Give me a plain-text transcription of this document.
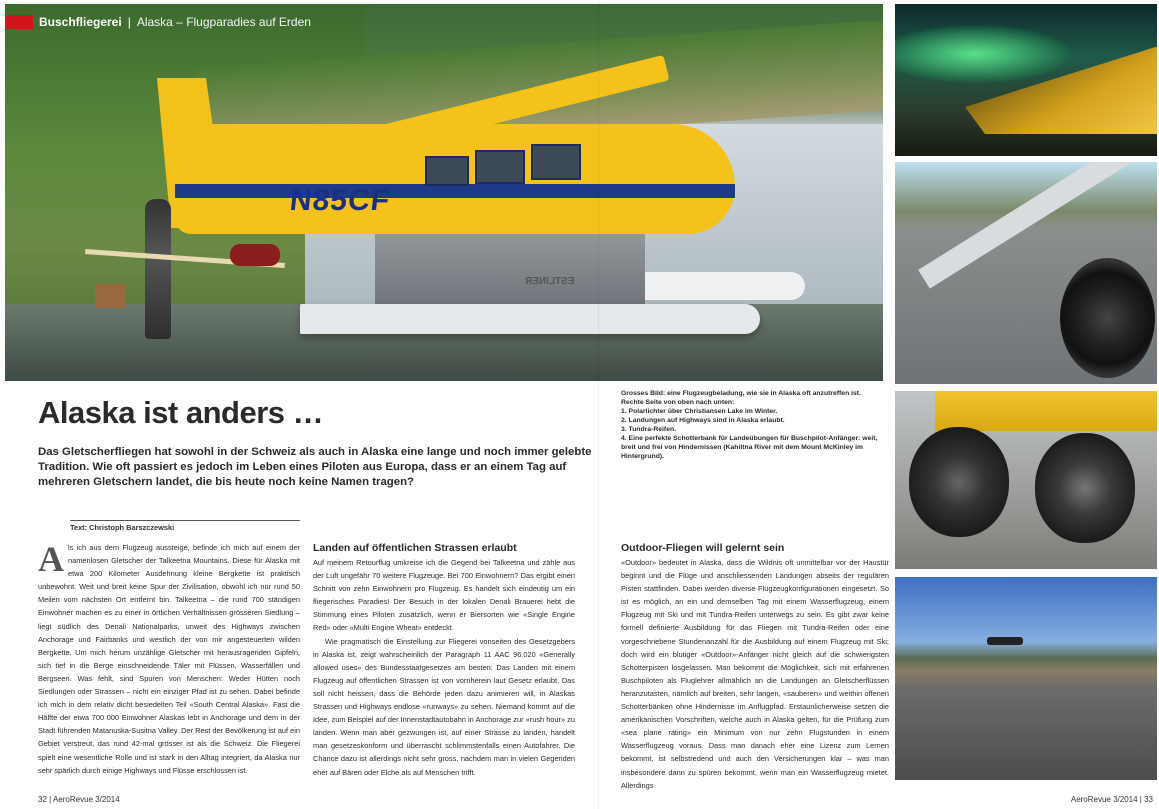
N85CF
ESTLINER
Buschfliegerei | Alaska – Flugparadies auf Erden
Alaska ist anders …
Das Gletscherfliegen hat sowohl in der Schweiz als auch in Alaska eine lange und noch immer gelebte Tradition. Wie oft passiert es jedoch im Leben eines Piloten aus Europa, dass er an einem Tag auf mehreren Gletschern landet, die bis heute noch keine Namen tragen?
Grosses Bild: eine Flugzeugbeladung, wie sie in Alaska oft anzutreffen ist.
Rechte Seite von oben nach unten:
1. Polarlichter über Christiansen Lake im Winter.
2. Landungen auf Highways sind in Alaska erlaubt.
3. Tundra-Reifen.
4. Eine perfekte Schotterbank für Landeübungen für Buschpilot-Anfänger: weit, breit und frei von Hindernissen (Kahiltna River mit dem Mount McKinley im Hintergrund).
Text: Christoph Barszczewski
Als ich aus dem Flugzeug aussteige, befinde ich mich auf einem der namenlosen Gletscher der Talkeetna Mountains. Diese für Alaska mit etwa 200 Kilometer Ausdehnung kleine Bergkette ist praktisch unbewohnt. Weit und breit keine Spur der Zivilisation, obwohl ich nur rund 50 Meilen vom nächsten Ort entfernt bin. Talkeetna – die rund 700 ständigen Einwohner machen es zu einer in örtlichen Verhältnissen grösseren Siedlung – liegt südlich des Denali Nationalparks, unweit des Highways zwischen Anchorage und Fairbanks und westlich der von mir angesteuerten wilden Bergkette. Um mich herum unzählige Gletscher mit herausragenden Gipfeln, sich tief in die Berge einschneidende Täler mit Flüssen, Wasserfällen und Bergseen. Was fehlt, sind Spuren von Menschen: Weder Hütten noch Siedlungen oder Strassen – nicht ein einziger Pfad ist zu sehen. Dabei befinde ich mich in dem relativ dicht besiedelten Teil «South Central Alaska». Fast die Hälfte der etwa 700 000 Einwohner Alaskas lebt in Anchorage und dem in der Stadt führenden Matanuska-Susitna Valley. Der Rest der Bevölkerung ist auf ein Gebiet verstreut, das rund 42-mal grösser ist als die Schweiz. Die Fliegerei spielt eine wesentliche Rolle und ist stark in den Alltag integriert, da Alaska nur sehr spärlich durch einige Highways und Flüsse erschlossen ist.
Landen auf öffentlichen Strassen erlaubt
Auf meinem Retourflug umkreise ich die Gegend bei Talkeetna und zähle aus der Luft ungefähr 70 weitere Flugzeuge. Bei 700 Einwohnern? Das ergibt einen Schnitt von zehn Einwohnern pro Flugzeug. Es handelt sich eindeutig um ein fliegerisches Paradies! Der Besuch in der lokalen Denali Brauerei hebt die Stimmung eines Piloten zusätzlich, wenn er Biersorten wie «Single Engine Red» oder «Multi Engine Wheat» entdeckt.
Wie pragmatisch die Einstellung zur Fliegerei vonseiten des Gesetzgebers in Alaska ist, zeigt wahrscheinlich der Paragraph 11 AAC 96.020 «Generally allowed uses» des Bundesstaatgesetzes am besten: Das Landen mit einem Flugzeug auf öffentlichen Strassen ist von vornherein laut Gesetz erlaubt. Das soll nicht heissen, dass die Behörde jeden dazu animieren will, in Alaskas Strassen und Highways endlose «runways» zu sehen. Niemand kommt auf die Idee, zum Beispiel auf der Innenstadtautobahn in Anchorage zur «rush hour» zu landen. Wenn man aber gezwungen ist, auf einer Strasse zu landen, handelt man gesetzeskonform und überrascht schlimmstenfalls einen Autofahrer. Die Chance dazu ist allerdings nicht sehr gross, nachdem man in vielen Gegenden eher auf Bären oder Elche als auf Menschen trifft.
Outdoor-Fliegen will gelernt sein
«Outdoor» bedeutet in Alaska, dass die Wildnis oft unmittelbar vor der Haustür beginnt und die Flüge und anschliessenden Landungen abseits der regulären Pisten stattfinden. Dabei werden diverse Flugzeugkonfigurationen eingesetzt. So ist es möglich, an ein und demselben Tag mit einem Wasserflugzeug, einem Flugzeug mit Ski und mit Tundra-Reifen unterwegs zu sein. Es gibt zwar keine formell definierte Ausbildung für das Fliegen mit Tundra-Reifen oder eine vorgeschriebene Stundenanzahl für die Ausbildung auf einem Flugzeug mit Ski; doch wird ein blutiger «Outdoor»-Anfänger nicht gleich auf die schwierigsten Schotterpisten losgelassen. Man bekommt die Möglichkeit, sich mit erfahrenen Buschpiloten als Fluglehrer allmählich an die Landungen an Gletscherflüssen heranzutasten, nämlich auf breiten, sehr langen, «sauberen» und weithin offenen Schotterbänken ohne Hindernisse im Anflugpfad. Erstaunlicherweise setzen die amerikanischen Vorschriften, welche auch in Alaska gelten, für die Prüfung zum «sea plane rating» ein Minimum von nur zehn Flugstunden in einem Wasserflugzeug voraus. Dass man danach eher eine Lizenz zum Lernen bekommt, ist selbstredend und auch den Versicherungen klar – was man insbesondere dann zu spüren bekommt, wenn man ein Wasserflugzeug mietet. Allerdings
32 | AeroRevue 3/2014	AeroRevue 3/2014 | 33
